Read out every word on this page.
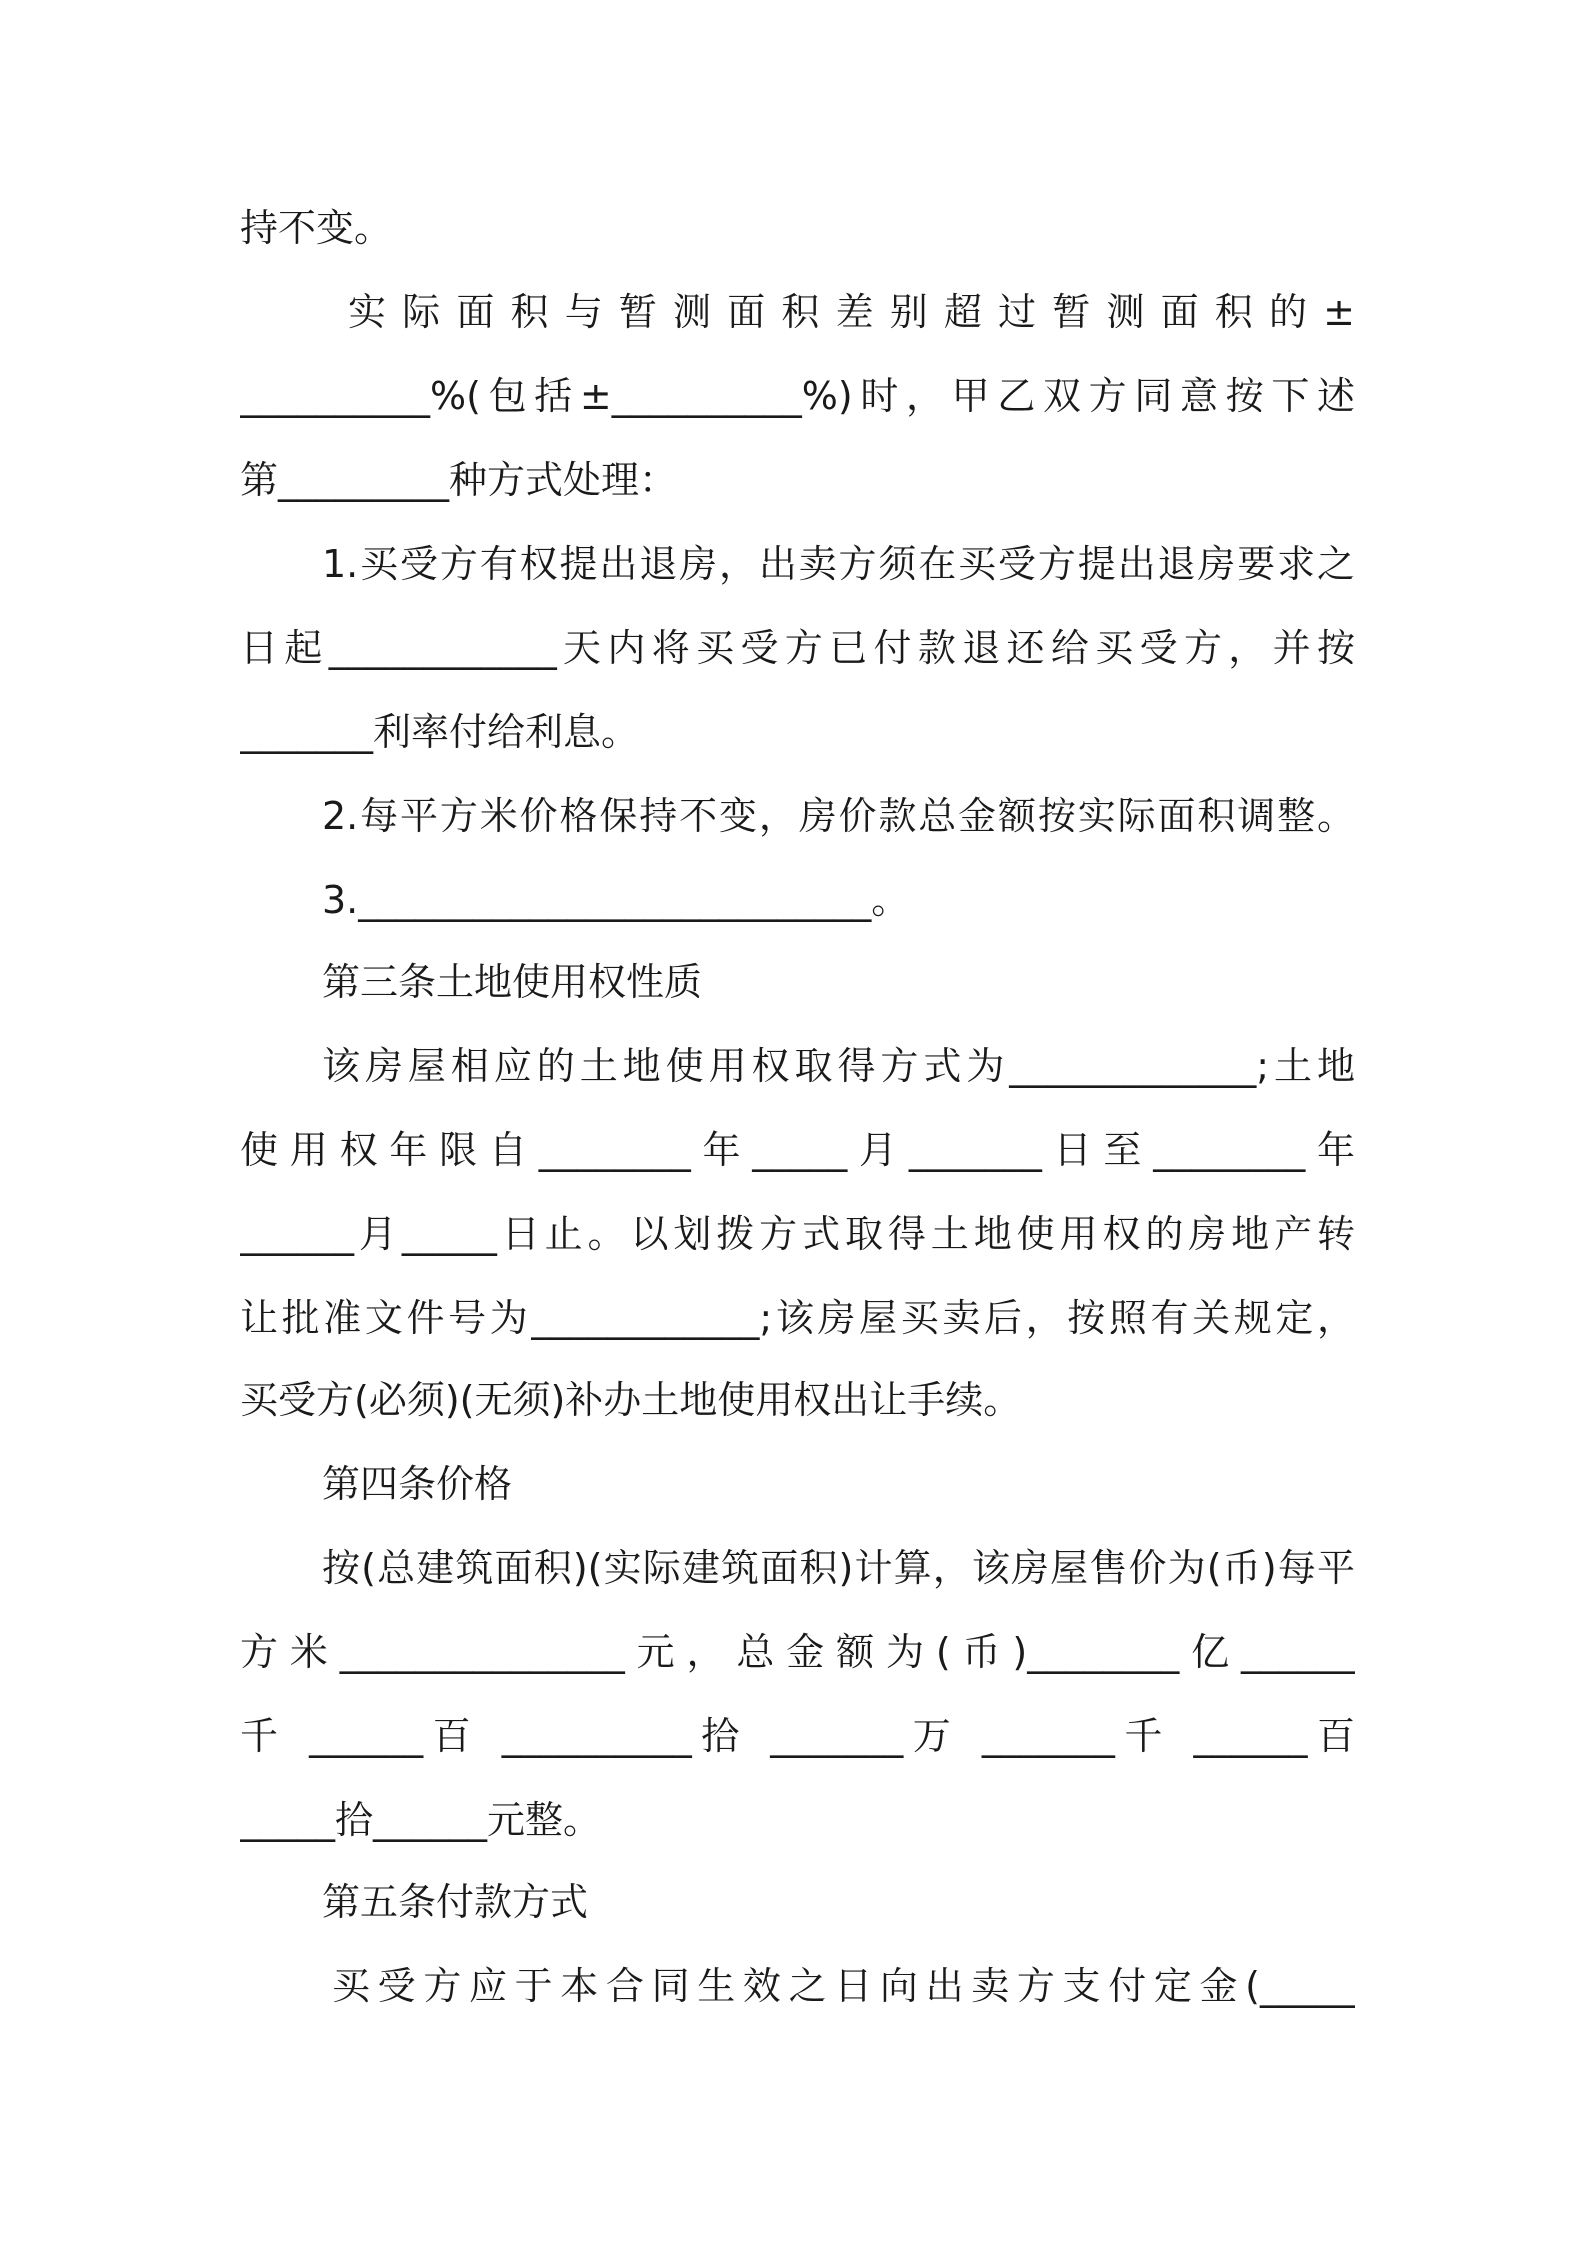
持不变。
实 际 面 积 与 暂 测 面 积 差 别 超 过 暂 测 面 积 的 ±
__________%(包括±__________%)时，甲乙双方同意按下述
第_________种方式处理：
1.买受方有权提出退房，出卖方须在买受方提出退房要求之
日起____________天内将买受方已付款退还给买受方，并按
_______利率付给利息。
2.每平方米价格保持不变，房价款总金额按实际面积调整。
3.___________________________。
第三条土地使用权性质
该房屋相应的土地使用权取得方式为_____________;土地
使用权年限自________年_____月_______日至________年
______月_____日止。以划拨方式取得土地使用权的房地产转
让批准文件号为____________;该房屋买卖后，按照有关规定，
买受方(必须)(无须)补办土地使用权出让手续。
第四条价格
按(总建筑面积)(实际建筑面积)计算，该房屋售价为(币)每平
方米_______________元，总金额为(币)________亿______
千 ______百 __________拾 _______万 _______千 ______百
_____拾______元整。
第五条付款方式
买受方应于本合同生效之日向出卖方支付定金(_____
